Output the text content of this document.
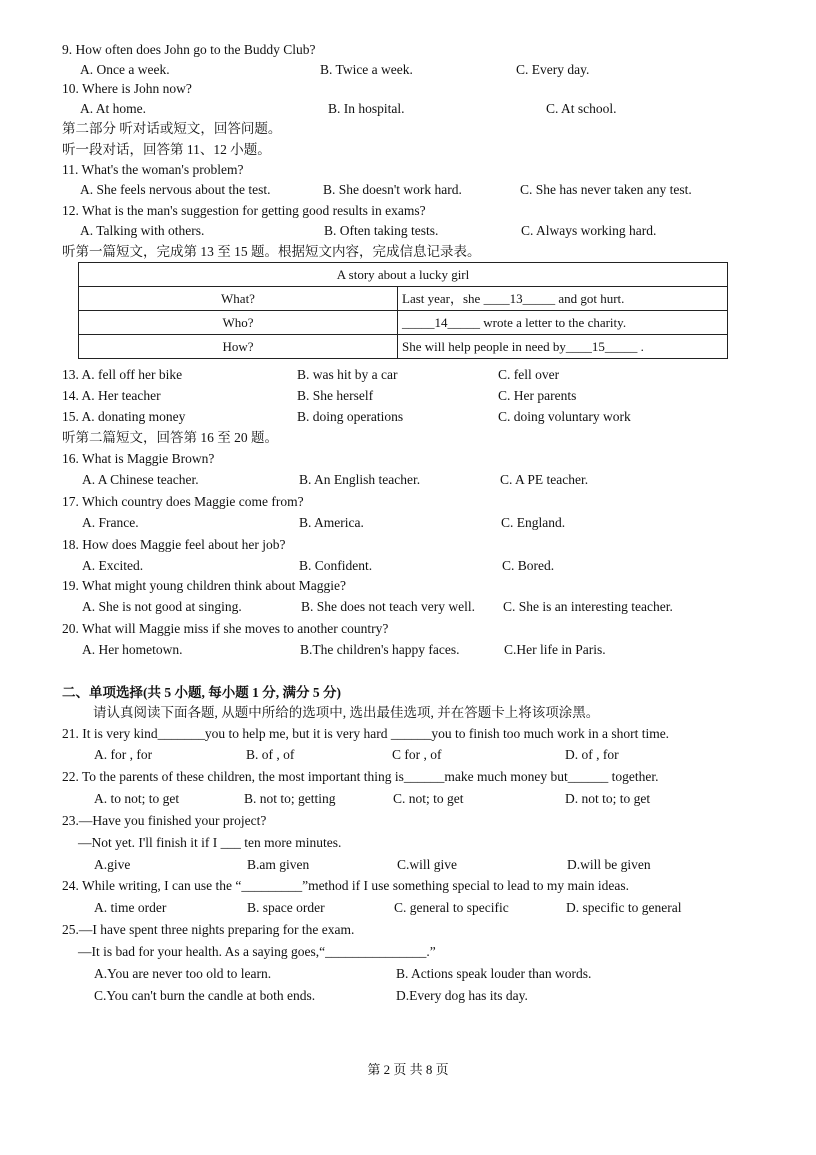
9. How often does John go to the Buddy Club?
A. Once a week.	B. Twice a week.	C. Every day.
10. Where is John now?
A. At home.	B. In hospital.	C. At school.
第二部分 听对话或短文，回答问题。
听一段对话，回答第 11、12 小题。
11. What's the woman's problem?
A. She feels nervous about the test.	B. She doesn't work hard.	C. She has never taken any test.
12. What is the man's suggestion for getting good results in exams?
A. Talking with others.	B. Often taking tests.	C. Always working hard.
听第一篇短文，完成第 13 至 15 题。根据短文内容，完成信息记录表。
A story about a lucky girl	
What?	Last year，she ____13_____ and got hurt.
Who?	_____14_____ wrote a letter to the charity.
How?	She will help people in need by____15_____ .
13. A. fell off her bike	B. was hit by a car	C. fell over
14. A. Her teacher	B. She herself	C. Her parents
15. A. donating money	B. doing operations	C. doing voluntary work
听第二篇短文，回答第 16 至 20 题。
16. What is Maggie Brown?
A. A Chinese teacher.	B. An English teacher.	C. A PE teacher.
17. Which country does Maggie come from?
A. France.	B. America.	C. England.
18. How does Maggie feel about her job?
A. Excited.	B. Confident.	C. Bored.
19. What might young children think about Maggie?
A. She is not good at singing.	B. She does not teach very well. C. She is an interesting teacher.
20. What will Maggie miss if she moves to another country?
A. Her hometown.	B.The children's happy faces.	C.Her life in Paris.
二、单项选择(共 5 小题, 每小题 1 分, 满分 5 分)
请认真阅读下面各题, 从题中所给的选项中, 选出最佳选项, 并在答题卡上将该项涂黑。
21. It is very kind_______you to help me, but it is very hard ______you to finish too much work in a short time.
A. for , for	B. of , of	C for , of	D. of , for
22. To the parents of these children, the most important thing is______make much money but______ together.
A. to not; to get	B. not to; getting	C. not; to get	D. not to; to get
23.—Have you finished your project?
—Not yet. I'll finish it if I ___ ten more minutes.
A.give	B.am given	C.will give	D.will be given
24. While writing, I can use the “_________”method if I use something special to lead to my main ideas.
A. time order	B. space order	C. general to specific	D. specific to general
25.—I have spent three nights preparing for the exam.
—It is bad for your health. As a saying goes,“_______________.”
A.You are never too old to learn.	B. Actions speak louder than words.
C.You can't burn the candle at both ends.	D.Every dog has its day.
第 2 页 共 8 页
